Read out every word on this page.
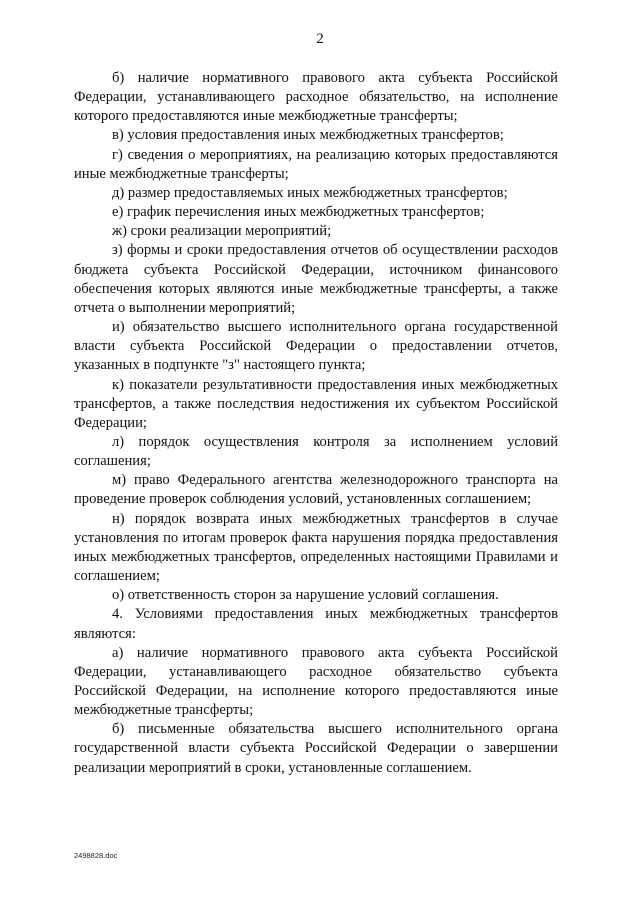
2

б) наличие нормативного правового акта субъекта Российской Федерации, устанавливающего расходное обязательство, на исполнение которого предоставляются иные межбюджетные трансферты;

в) условия предоставления иных межбюджетных трансфертов;

г) сведения о мероприятиях, на реализацию которых предоставляются иные межбюджетные трансферты;

д) размер предоставляемых иных межбюджетных трансфертов;

е) график перечисления иных межбюджетных трансфертов;

ж) сроки реализации мероприятий;

з) формы и сроки предоставления отчетов об осуществлении расходов бюджета субъекта Российской Федерации, источником финансового обеспечения которых являются иные межбюджетные трансферты, а также отчета о выполнении мероприятий;

и) обязательство высшего исполнительного органа государственной власти субъекта Российской Федерации о предоставлении отчетов, указанных в подпункте "з" настоящего пункта;

к) показатели результативности предоставления иных межбюджетных трансфертов, а также последствия недостижения их субъектом Российской Федерации;

л) порядок осуществления контроля за исполнением условий соглашения;

м) право Федерального агентства железнодорожного транспорта на проведение проверок соблюдения условий, установленных соглашением;

н) порядок возврата иных межбюджетных трансфертов в случае установления по итогам проверок факта нарушения порядка предоставления иных межбюджетных трансфертов, определенных настоящими Правилами и соглашением;

о) ответственность сторон за нарушение условий соглашения.

4. Условиями предоставления иных межбюджетных трансфертов являются:

а) наличие нормативного правового акта субъекта Российской Федерации, устанавливающего расходное обязательство субъекта Российской Федерации, на исполнение которого предоставляются иные межбюджетные трансферты;

б) письменные обязательства высшего исполнительного органа государственной власти субъекта Российской Федерации о завершении реализации мероприятий в сроки, установленные соглашением.

2498828.doc
